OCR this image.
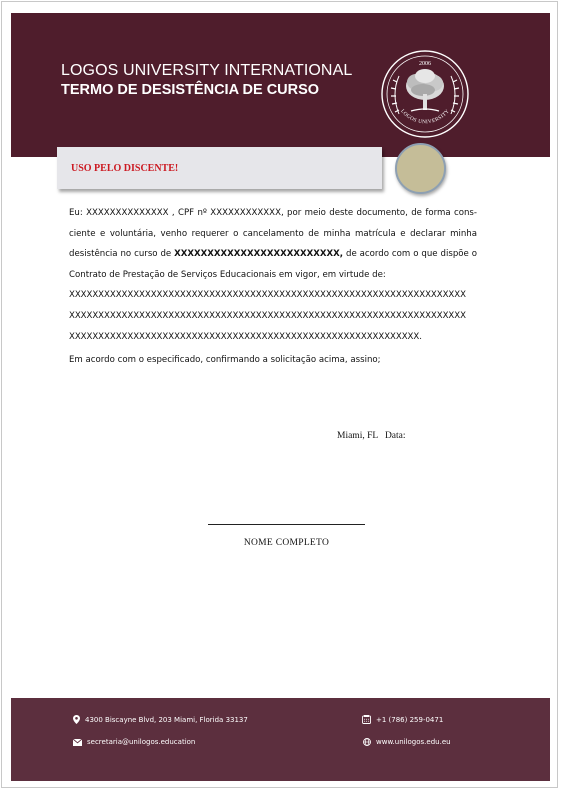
LOGOS UNIVERSITY INTERNATIONAL
TERMO DE DESISTÊNCIA DE CURSO
2006
LOGOS UNIVERSITY
USO PELO DISCENTE!

Eu: XXXXXXXXXXXXXX , CPF nº XXXXXXXXXXXX, por meio deste documento, de forma cons-ciente e voluntária, venho requerer o cancelamento de minha matrícula e declarar minha desistência no curso de XXXXXXXXXXXXXXXXXXXXXXXXX, de acordo com o que dispõe o Contrato de Prestação de Serviços Educacionais em vigor, em virtude de:

XXXXXXXXXXXXXXXXXXXXXXXXXXXXXXXXXXXXXXXXXXXXXXXXXXXXXXXXXXXXXXXXXXXX
XXXXXXXXXXXXXXXXXXXXXXXXXXXXXXXXXXXXXXXXXXXXXXXXXXXXXXXXXXXXXXXXXXXX
XXXXXXXXXXXXXXXXXXXXXXXXXXXXXXXXXXXXXXXXXXXXXXXXXXXXXXXXXXXX.
Em acordo com o especificado, confirmando a solicitação acima, assino;
Miami, FL   Data:
NOME COMPLETO
4300 Biscayne Blvd, 203 Miami, Florida 33137	+1 (786) 259-0471
secretaria@unilogos.education	www.unilogos.edu.eu
